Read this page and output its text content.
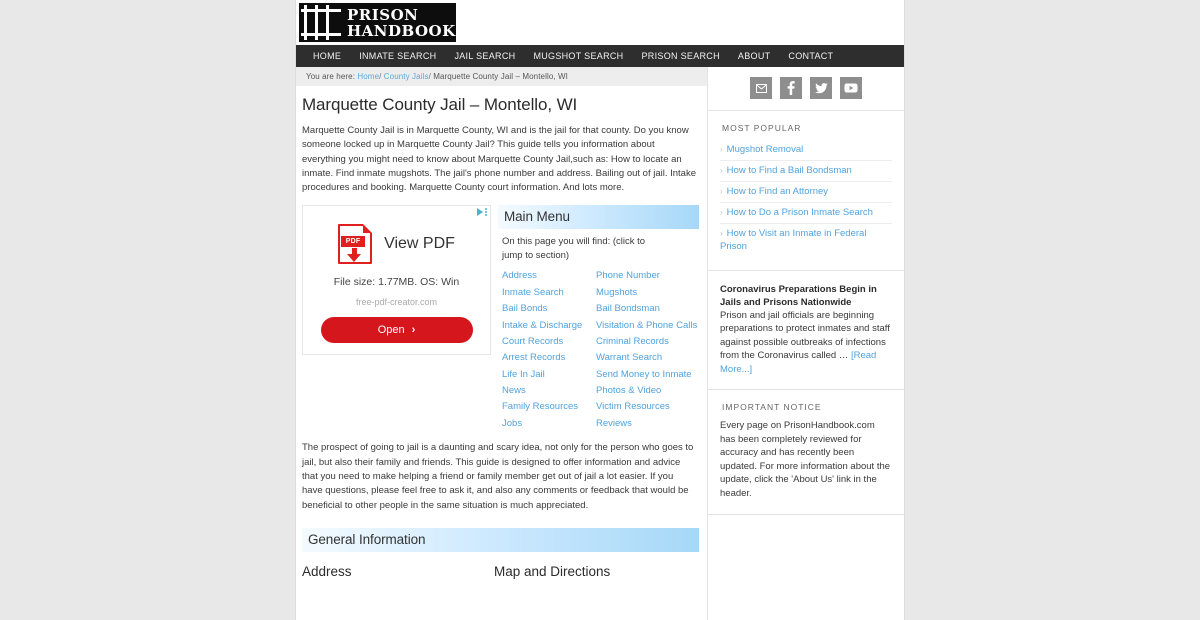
PRISON
HANDBOOK
HOME	INMATE SEARCH	JAIL SEARCH	MUGSHOT SEARCH	PRISON SEARCH	ABOUT	CONTACT
You are here: Home/ County Jails/ Marquette County Jail – Montello, WI
Marquette County Jail – Montello, WI

Marquette County Jail is in Marquette County, WI and is the jail for that county. Do you know someone locked up in Marquette County Jail? This guide tells you information about everything you might need to know about Marquette County Jail,such as: How to locate an inmate. Find inmate mugshots. The jail's phone number and address. Bailing out of jail. Intake procedures and booking. Marquette County court information. And lots more.

PDF View PDF
File size: 1.77MB. OS: Win
free-pdf-creator.com
Open ›
Main Menu
On this page you will find: (click to jump to section)
Address	Phone Number
Inmate Search	Mugshots
Bail Bonds	Bail Bondsman
Intake & Discharge	Visitation & Phone Calls
Court Records	Criminal Records
Arrest Records	Warrant Search
Life In Jail	Send Money to Inmate
News	Photos & Video
Family Resources	Victim Resources
Jobs	Reviews

The prospect of going to jail is a daunting and scary idea, not only for the person who goes to jail, but also their family and friends. This guide is designed to offer information and advice that you need to make helping a friend or family member get out of jail a lot easier. If you have questions, please feel free to ask it, and also any comments or feedback that would be beneficial to other people in the same situation is much appreciated.

General Information
Address	Map and Directions
MOST POPULAR
› Mugshot Removal
› How to Find a Bail Bondsman
› How to Find an Attorney
› How to Do a Prison Inmate Search
› How to Visit an Inmate in Federal Prison

Coronavirus Preparations Begin in Jails and Prisons Nationwide

Prison and jail officials are beginning preparations to protect inmates and staff against possible outbreaks of infections from the Coronavirus called … [Read More...]

IMPORTANT NOTICE

Every page on PrisonHandbook.com has been completely reviewed for accuracy and has recently been updated. For more information about the update, click the 'About Us' link in the header.
